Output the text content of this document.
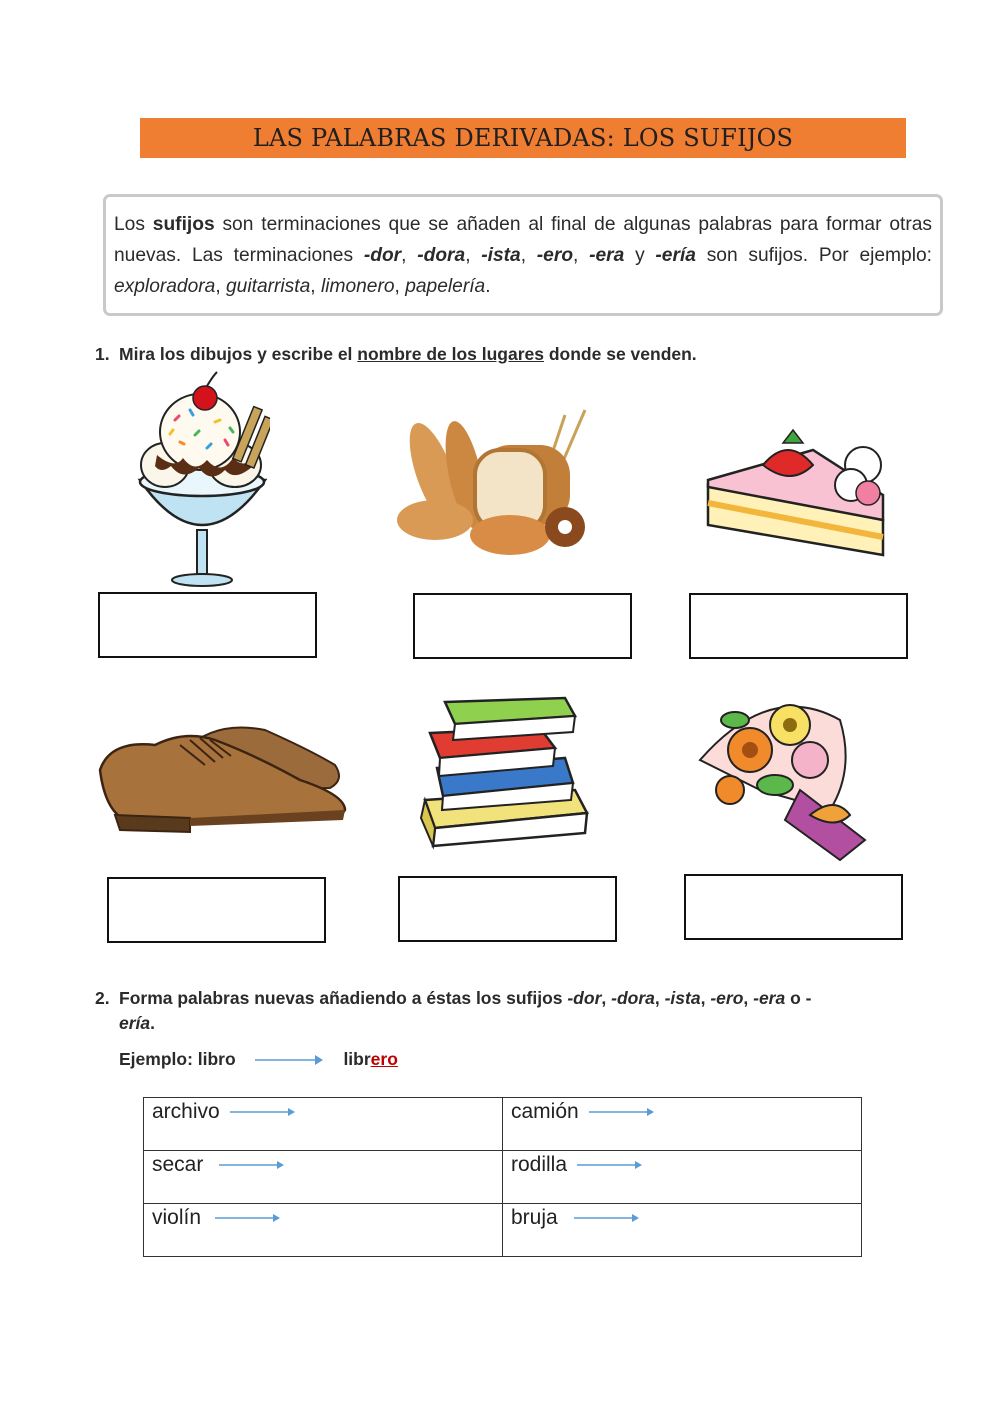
LAS PALABRAS DERIVADAS: LOS SUFIJOS
Los sufijos son terminaciones que se añaden al final de algunas palabras para formar otras nuevas. Las terminaciones -dor, -dora, -ista, -ero, -era y -ería son sufijos. Por ejemplo: exploradora, guitarrista, limonero, papelería.
1. Mira los dibujos y escribe el nombre de los lugares donde se venden.
2. Forma palabras nuevas añadiendo a éstas los sufijos -dor, -dora, -ista, -ero, -era o -
ería.
Ejemplo: libro	librero
archivo	camión

secar	rodilla

violín	bruja
